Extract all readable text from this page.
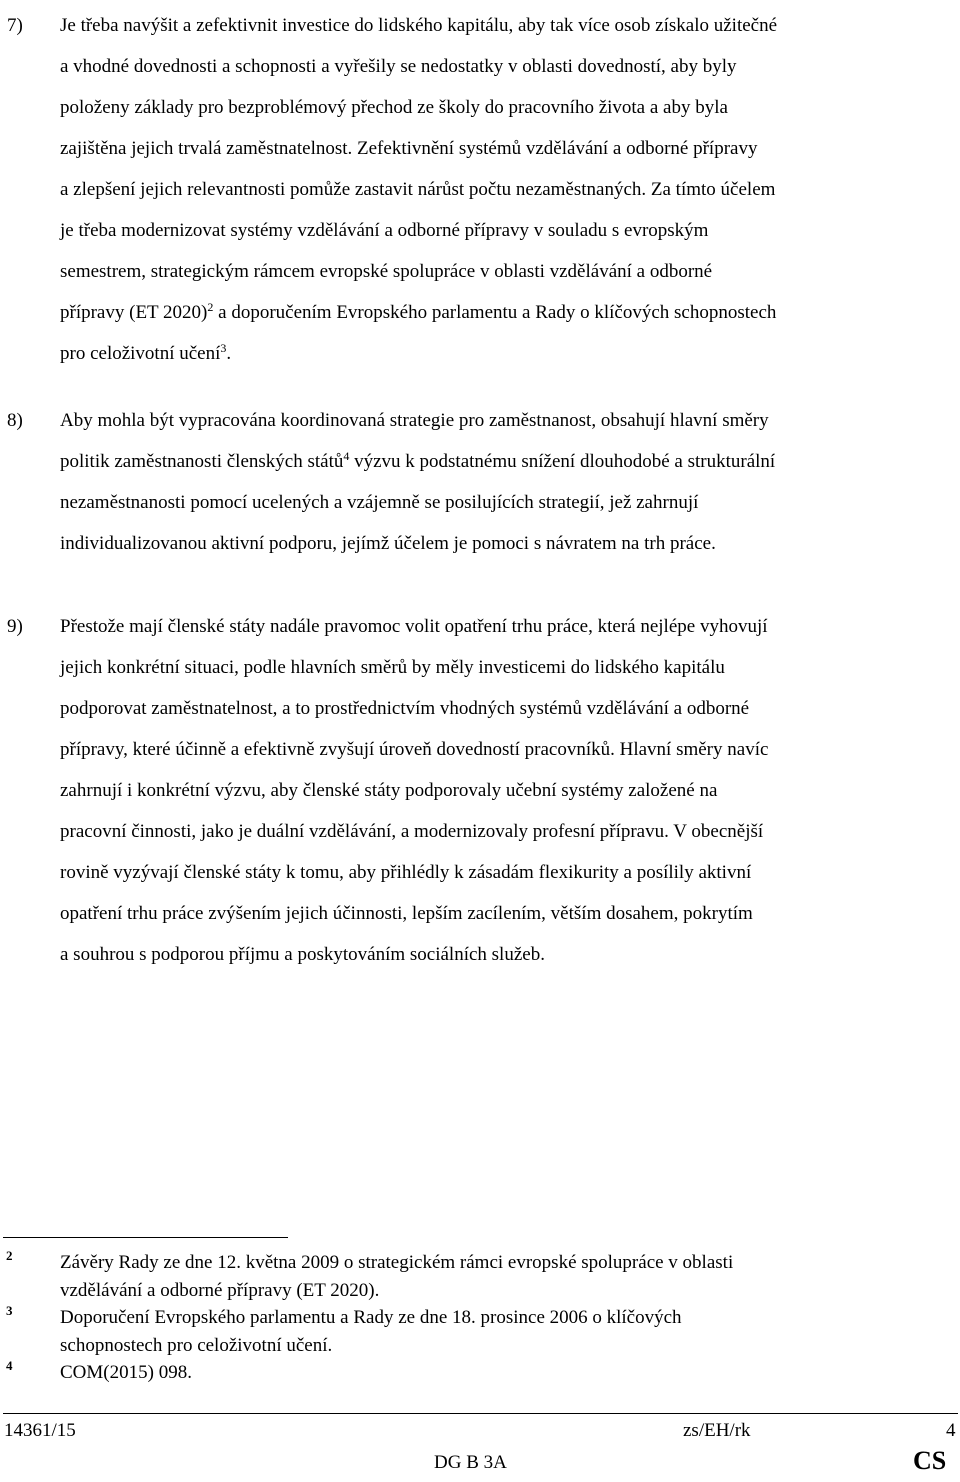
7) Je třeba navýšit a zefektivnit investice do lidského kapitálu, aby tak více osob získalo užitečné
a vhodné dovednosti a schopnosti a vyřešily se nedostatky v oblasti dovedností, aby byly
položeny základy pro bezproblémový přechod ze školy do pracovního života a aby byla
zajištěna jejich trvalá zaměstnatelnost. Zefektivnění systémů vzdělávání a odborné přípravy
a zlepšení jejich relevantnosti pomůže zastavit nárůst počtu nezaměstnaných. Za tímto účelem
je třeba modernizovat systémy vzdělávání a odborné přípravy v souladu s evropským
semestrem, strategickým rámcem evropské spolupráce v oblasti vzdělávání a odborné
přípravy (ET 2020)$^2$ a doporučením Evropského parlamentu a Rady o klíčových schopnostech
pro celoživotní učení$^3$.
8) Aby mohla být vypracována koordinovaná strategie pro zaměstnanost, obsahují hlavní směry
politik zaměstnanosti členských států$^4$ výzvu k podstatnému snížení dlouhodobé a strukturální
nezaměstnanosti pomocí ucelených a vzájemně se posilujících strategií, jež zahrnují
individualizovanou aktivní podporu, jejímž účelem je pomoci s návratem na trh práce.
9) Přestože mají členské státy nadále pravomoc volit opatření trhu práce, která nejlépe vyhovují
jejich konkrétní situaci, podle hlavních směrů by měly investicemi do lidského kapitálu
podporovat zaměstnatelnost, a to prostřednictvím vhodných systémů vzdělávání a odborné
přípravy, které účinně a efektivně zvyšují úroveň dovedností pracovníků. Hlavní směry navíc
zahrnují i konkrétní výzvu, aby členské státy podporovaly učební systémy založené na
pracovní činnosti, jako je duální vzdělávání, a modernizovaly profesní přípravu. V obecnější
rovině vyzývají členské státy k tomu, aby přihlédly k zásadám flexikurity a posílily aktivní
opatření trhu práce zvýšením jejich účinnosti, lepším zacílením, větším dosahem, pokrytím
a souhrou s podporou příjmu a poskytováním sociálních služeb.
2	Závěry Rady ze dne 12. května 2009 o strategickém rámci evropské spolupráce v oblasti
vzdělávání a odborné přípravy (ET 2020).
3	Doporučení Evropského parlamentu a Rady ze dne 18. prosince 2006 o klíčových
schopnostech pro celoživotní učení.
4	COM(2015) 098.
14361/15	zs/EH/rk	4
DG B 3A	CS
